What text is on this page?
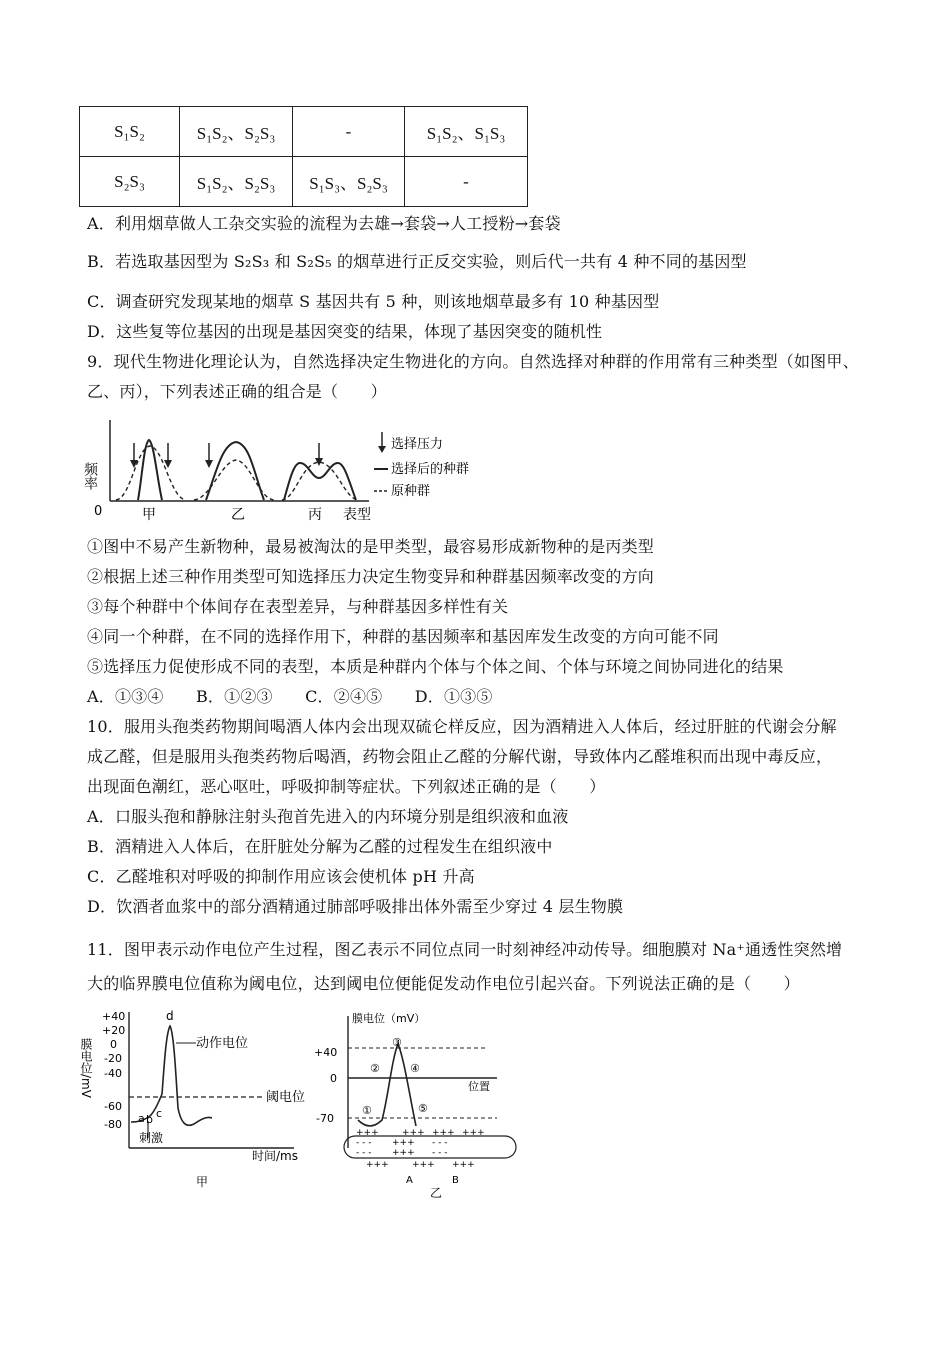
S₁S₂	S₁S₂、S₂S₃	-	S₁S₂、S₁S₃
S₂S₃	S₁S₂、S₂S₃	S₁S₃、S₂S₃	-
A．利用烟草做人工杂交实验的流程为去雄→套袋→人工授粉→套袋
B．若选取基因型为 S₂S₃ 和 S₂S₅ 的烟草进行正反交实验，则后代一共有 4 种不同的基因型
C．调查研究发现某地的烟草 S 基因共有 5 种，则该地烟草最多有 10 种基因型
D．这些复等位基因的出现是基因突变的结果，体现了基因突变的随机性
9．现代生物进化理论认为，自然选择决定生物进化的方向。自然选择对种群的作用常有三种类型（如图甲、
乙、丙），下列表述正确的组合是（　　）
频率
0	甲	乙	丙 表型
选择压力
选择后的种群
原种群
①图中不易产生新物种，最易被淘汰的是甲类型，最容易形成新物种的是丙类型
②根据上述三种作用类型可知选择压力决定生物变异和种群基因频率改变的方向
③每个种群中个体间存在表型差异，与种群基因多样性有关
④同一个种群，在不同的选择作用下，种群的基因频率和基因库发生改变的方向可能不同
⑤选择压力促使形成不同的表型，本质是种群内个体与个体之间、个体与环境之间协同进化的结果
A．①③④　　B．①②③　　C．②④⑤　　D．①③⑤
10．服用头孢类药物期间喝酒人体内会出现双硫仑样反应，因为酒精进入人体后，经过肝脏的代谢会分解
成乙醛，但是服用头孢类药物后喝酒，药物会阻止乙醛的分解代谢，导致体内乙醛堆积而出现中毒反应，
出现面色潮红，恶心呕吐，呼吸抑制等症状。下列叙述正确的是（　　）
A．口服头孢和静脉注射头孢首先进入的内环境分别是组织液和血液
B．酒精进入人体后，在肝脏处分解为乙醛的过程发生在组织液中
C．乙醛堆积对呼吸的抑制作用应该会使机体 pH 升高
D．饮酒者血浆中的部分酒精通过肺部呼吸排出体外需至少穿过 4 层生物膜
11．图甲表示动作电位产生过程，图乙表示不同位点同一时刻神经冲动传导。细胞膜对 Na⁺通透性突然增
大的临界膜电位值称为阈电位，达到阈电位便能促发动作电位引起兴奋。下列说法正确的是（　　）
膜电位/mV
+40
+20
0
-20
-40
-60
-80
d
a b c
动作电位
阈电位
刺激
时间/ms
甲
膜电位（mV）
+40
0
-70
①
②
③
④
⑤
位置
+++	+++ +++ +++
- - - +++ - - -
- - - +++ - - -
+++	+++ +++
A	B
乙
